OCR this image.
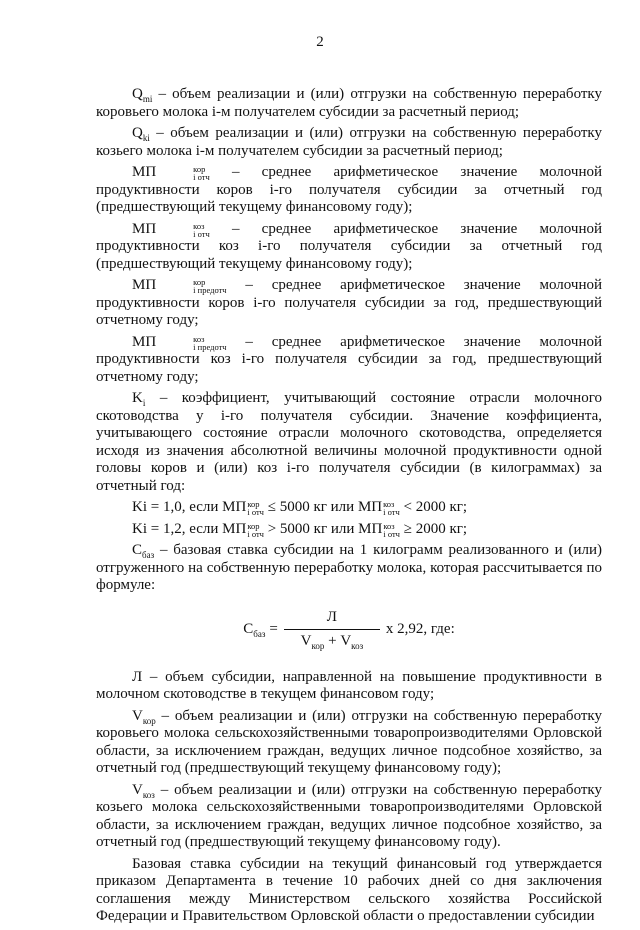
2

$Q_{mi}$ – объем реализации и (или) отгрузки на собственную переработку коровьего молока i-м получателем субсидии за расчетный период;

$Q_{ki}$ – объем реализации и (или) отгрузки на собственную переработку козьего молока i-м получателем субсидии за расчетный период;

МП	кор
i отч – среднее арифметическое значение молочной продуктивности коров i-го получателя субсидии за отчетный год (предшествующий текущему финансовому году);

МП	коз
i отч – среднее арифметическое значение молочной продуктивности коз i-го получателя субсидии за отчетный год (предшествующий текущему финансовому году);

МП	кор
i предотч – среднее арифметическое значение молочной продуктивности коров i-го получателя субсидии за год, предшествующий отчетному году;

МП	коз
i предотч – среднее арифметическое значение молочной продуктивности коз i-го получателя субсидии за год, предшествующий отчетному году;

$K_i$ – коэффициент, учитывающий состояние отрасли молочного скотоводства у i-го получателя субсидии. Значение коэффициента, учитывающего состояние отрасли молочного скотоводства, определяется исходя из значения абсолютной величины молочной продуктивности одной головы коров и (или) коз i-го получателя субсидии (в килограммах) за отчетный год:

Ki = 1,0, если МП кор
i отч ≤ 5000 кг или МП коз
i отч < 2000 кг;
Ki = 1,2, если МП кор
i отч > 5000 кг или МП коз
i отч ≥ 2000 кг;

$С_{баз}$ – базовая ставка субсидии на 1 килограмм реализованного и (или) отгруженного на собственную переработку молока, которая рассчитывается по формуле:

$С_{баз} = \frac{Л}{V_{кор} + V_{коз}}$ х 2,92, где:

Л – объем субсидии, направленной на повышение продуктивности в молочном скотоводстве в текущем финансовом году;

$V_{кор}$ – объем реализации и (или) отгрузки на собственную переработку коровьего молока сельскохозяйственными товаропроизводителями Орловской области, за исключением граждан, ведущих личное подсобное хозяйство, за отчетный год (предшествующий текущему финансовому году);

$V_{коз}$ – объем реализации и (или) отгрузки на собственную переработку козьего молока сельскохозяйственными товаропроизводителями Орловской области, за исключением граждан, ведущих личное подсобное хозяйство, за отчетный год (предшествующий текущему финансовому году).

Базовая ставка субсидии на текущий финансовый год утверждается приказом Департамента в течение 10 рабочих дней со дня заключения соглашения между Министерством сельского хозяйства Российской Федерации и Правительством Орловской области о предоставлении субсидии
